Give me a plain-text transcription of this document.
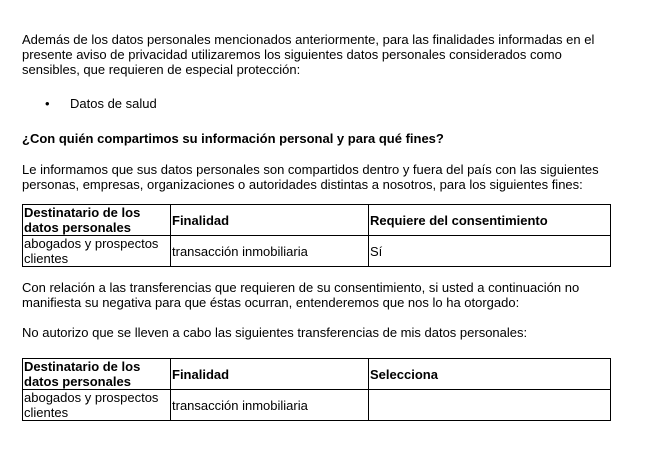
Además de los datos personales mencionados anteriormente, para las finalidades informadas en el presente aviso de privacidad utilizaremos los siguientes datos personales considerados como sensibles, que requieren de especial protección:

• Datos de salud

¿Con quién compartimos su información personal y para qué fines?

Le informamos que sus datos personales son compartidos dentro y fuera del país con las siguientes personas, empresas, organizaciones o autoridades distintas a nosotros, para los siguientes fines:

Destinatario de los datos personales	Finalidad	Requiere del consentimiento
abogados y prospectos clientes	transacción inmobiliaria	Sí

Con relación a las transferencias que requieren de su consentimiento, si usted a continuación no manifiesta su negativa para que éstas ocurran, entenderemos que nos lo ha otorgado:

No autorizo que se lleven a cabo las siguientes transferencias de mis datos personales:

Destinatario de los datos personales	Finalidad	Selecciona
abogados y prospectos clientes	transacción inmobiliaria	
